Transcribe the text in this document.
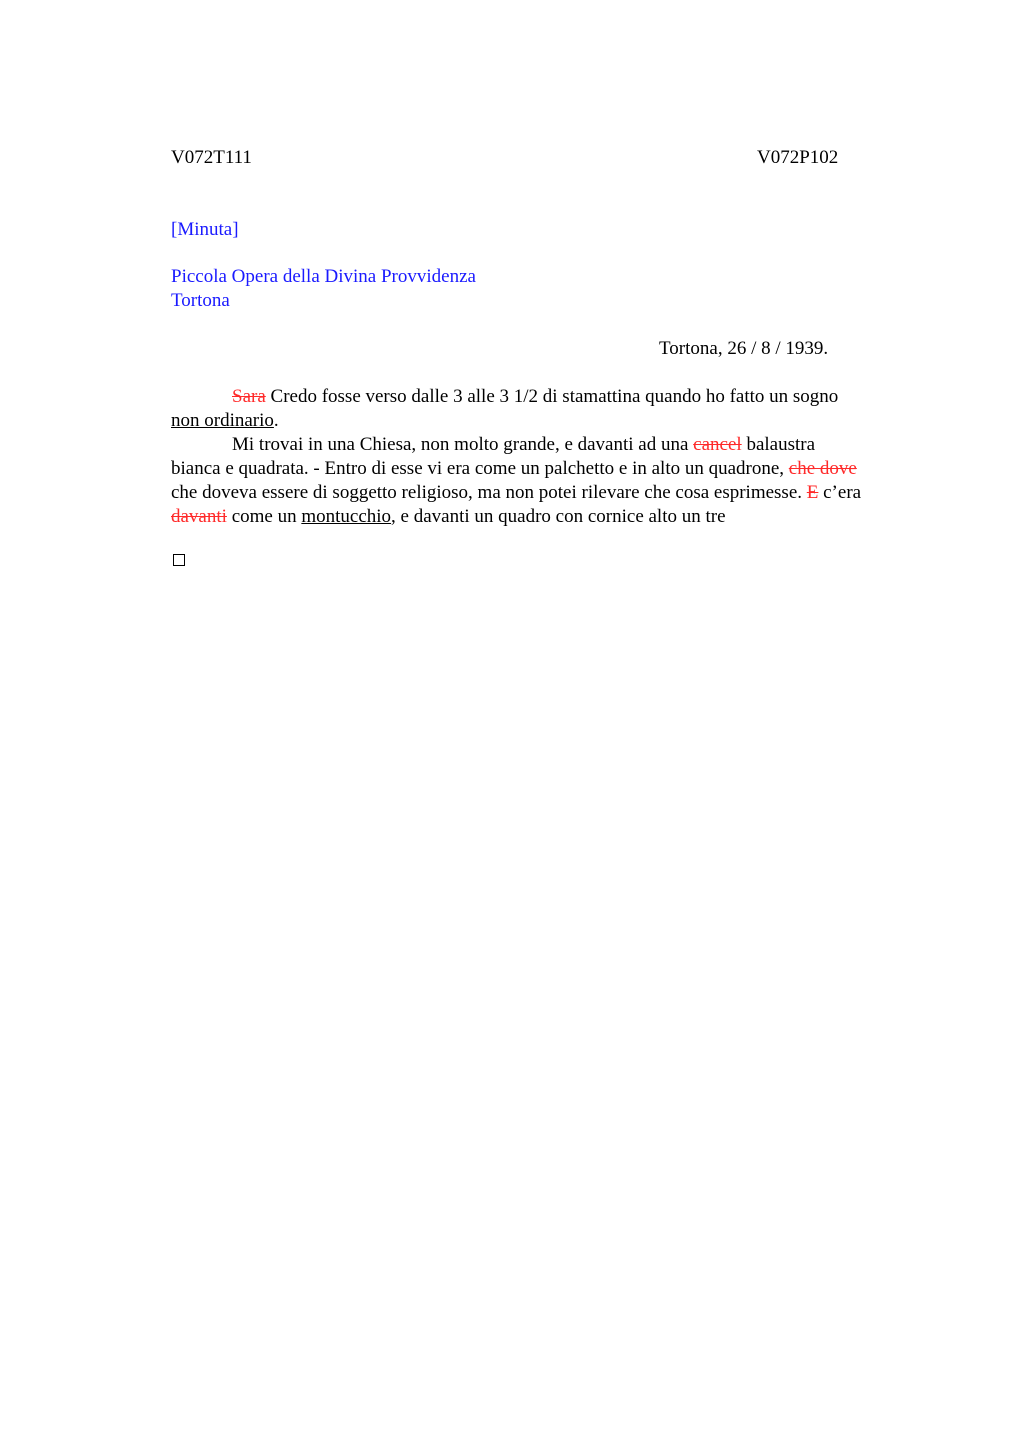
V072T111	V072P102
[Minuta]
Piccola Opera della Divina Provvidenza
Tortona
Tortona, 26 / 8 / 1939.
Sara Credo fosse verso dalle 3 alle 3 1/2 di stamattina quando ho fatto un sogno
non ordinario.
Mi trovai in una Chiesa, non molto grande, e davanti ad una cancel balaustra
bianca e quadrata. - Entro di esse vi era come un palchetto e in alto un quadrone, che dove
che doveva essere di soggetto religioso, ma non potei rilevare che cosa esprimesse. E c’era
davanti come un montucchio, e davanti un quadro con cornice alto un tre
